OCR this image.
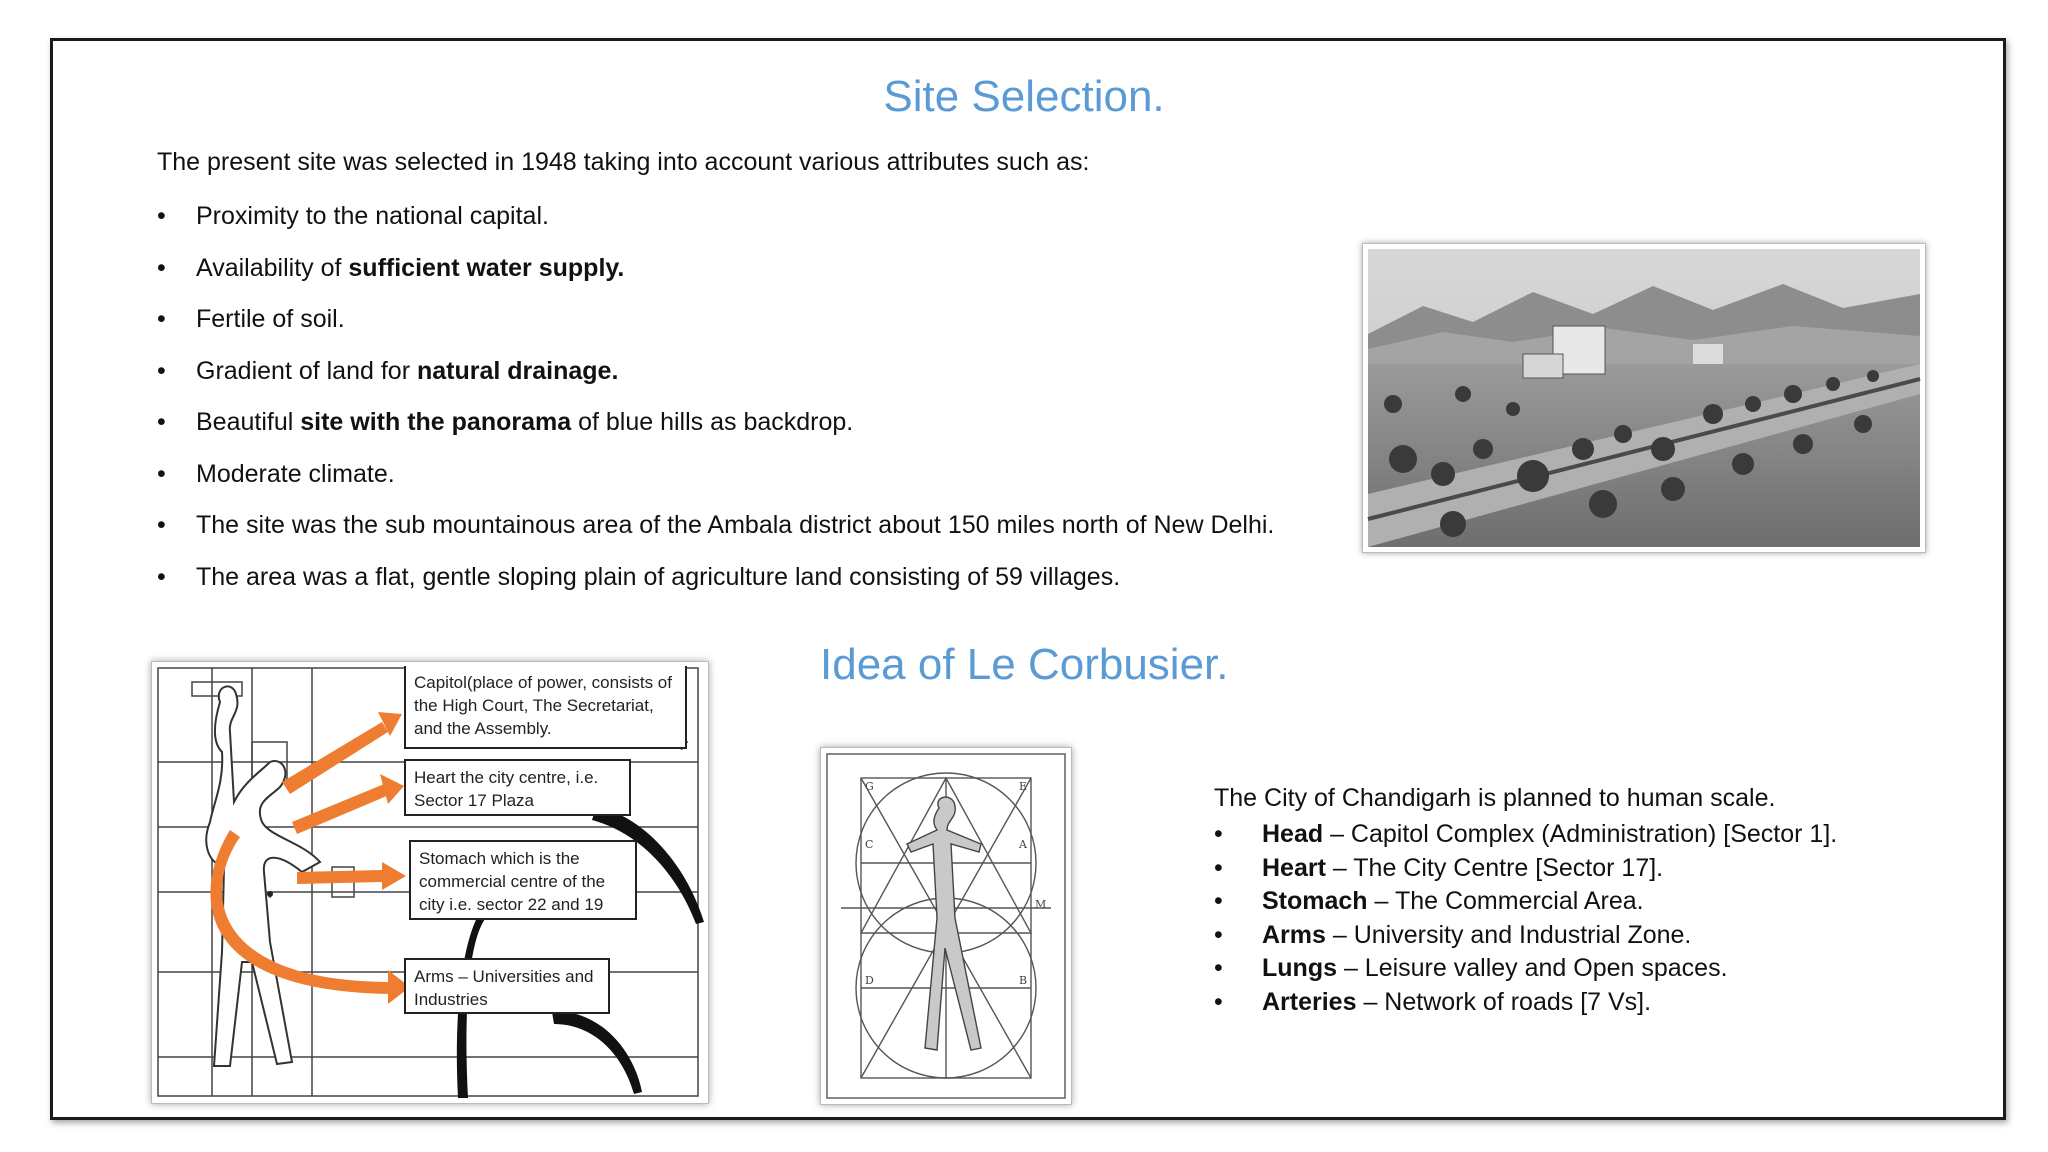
Site Selection.
The present site was selected in 1948 taking into account various attributes such as:
• Proximity to the national capital.
• Availability of sufficient water supply.
• Fertile of soil.
• Gradient of land for natural drainage.
• Beautiful site with the panorama of blue hills as backdrop.
• Moderate climate.
• The site was the sub mountainous area of the Ambala district about 150 miles north of New Delhi.
• The area was a flat, gentle sloping plain of agriculture land consisting of 59 villages.
Idea of Le Corbusier.
Capitol(place of power, consists of the High Court, The Secretariat, and the Assembly.
Heart the city centre, i.e. Sector 17 Plaza
Stomach which is the commercial centre of the city i.e. sector 22 and 19
Arms – Universities and Industries
G	E
C	A
D	B
M
The City of Chandigarh is planned to human scale.
• Head – Capitol Complex (Administration) [Sector 1].
• Heart – The City Centre [Sector 17].
• Stomach – The Commercial Area.
• Arms – University and Industrial Zone.
• Lungs – Leisure valley and Open spaces.
• Arteries – Network of roads [7 Vs].
